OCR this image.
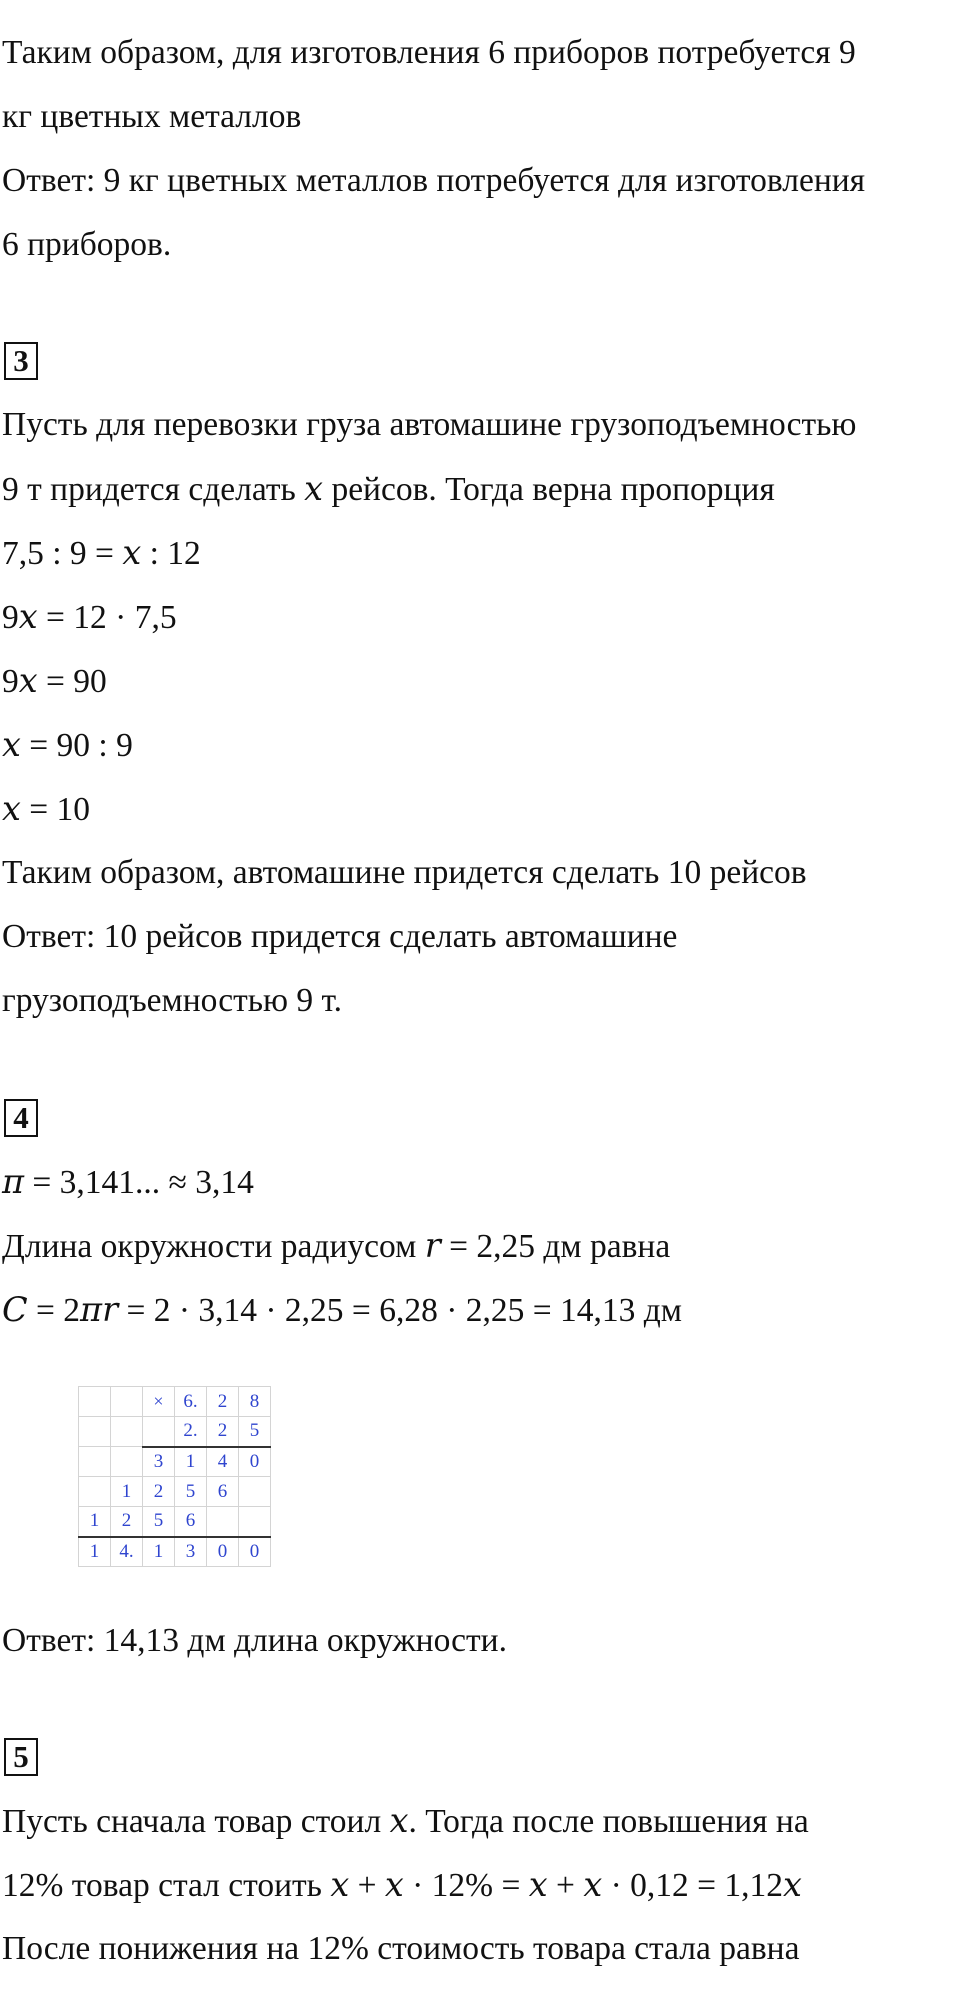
Таким образом, для изготовления 6 приборов потребуется 9
кг цветных металлов
Ответ: 9 кг цветных металлов потребуется для изготовления
6 приборов.
3
Пусть для перевозки груза автомашине грузоподъемностью
9 т придется сделать 𝑥 рейсов. Тогда верна пропорция
7,5 : 9 = 𝑥 : 12
9𝑥 = 12 · 7,5
9𝑥 = 90
𝑥 = 90 : 9
𝑥 = 10
Таким образом, автомашине придется сделать 10 рейсов
Ответ: 10 рейсов придется сделать автомашине
грузоподъемностью 9 т.
4
𝜋 = 3,141... ≈ 3,14
Длина окружности радиусом 𝑟 = 2,25 дм равна
𝐶 = 2𝜋𝑟 = 2 · 3,14 · 2,25 = 6,28 · 2,25 = 14,13 дм
		×	6.	2	8
			2.	2	5
		3	1	4	0
	1	2	5	6	
1	2	5	6		
1	4.	1	3	0	0
Ответ: 14,13 дм длина окружности.
5
Пусть сначала товар стоил 𝑥. Тогда после повышения на
12% товар стал стоить 𝑥 + 𝑥 · 12% = 𝑥 + 𝑥 · 0,12 = 1,12𝑥
После понижения на 12% стоимость товара стала равна
